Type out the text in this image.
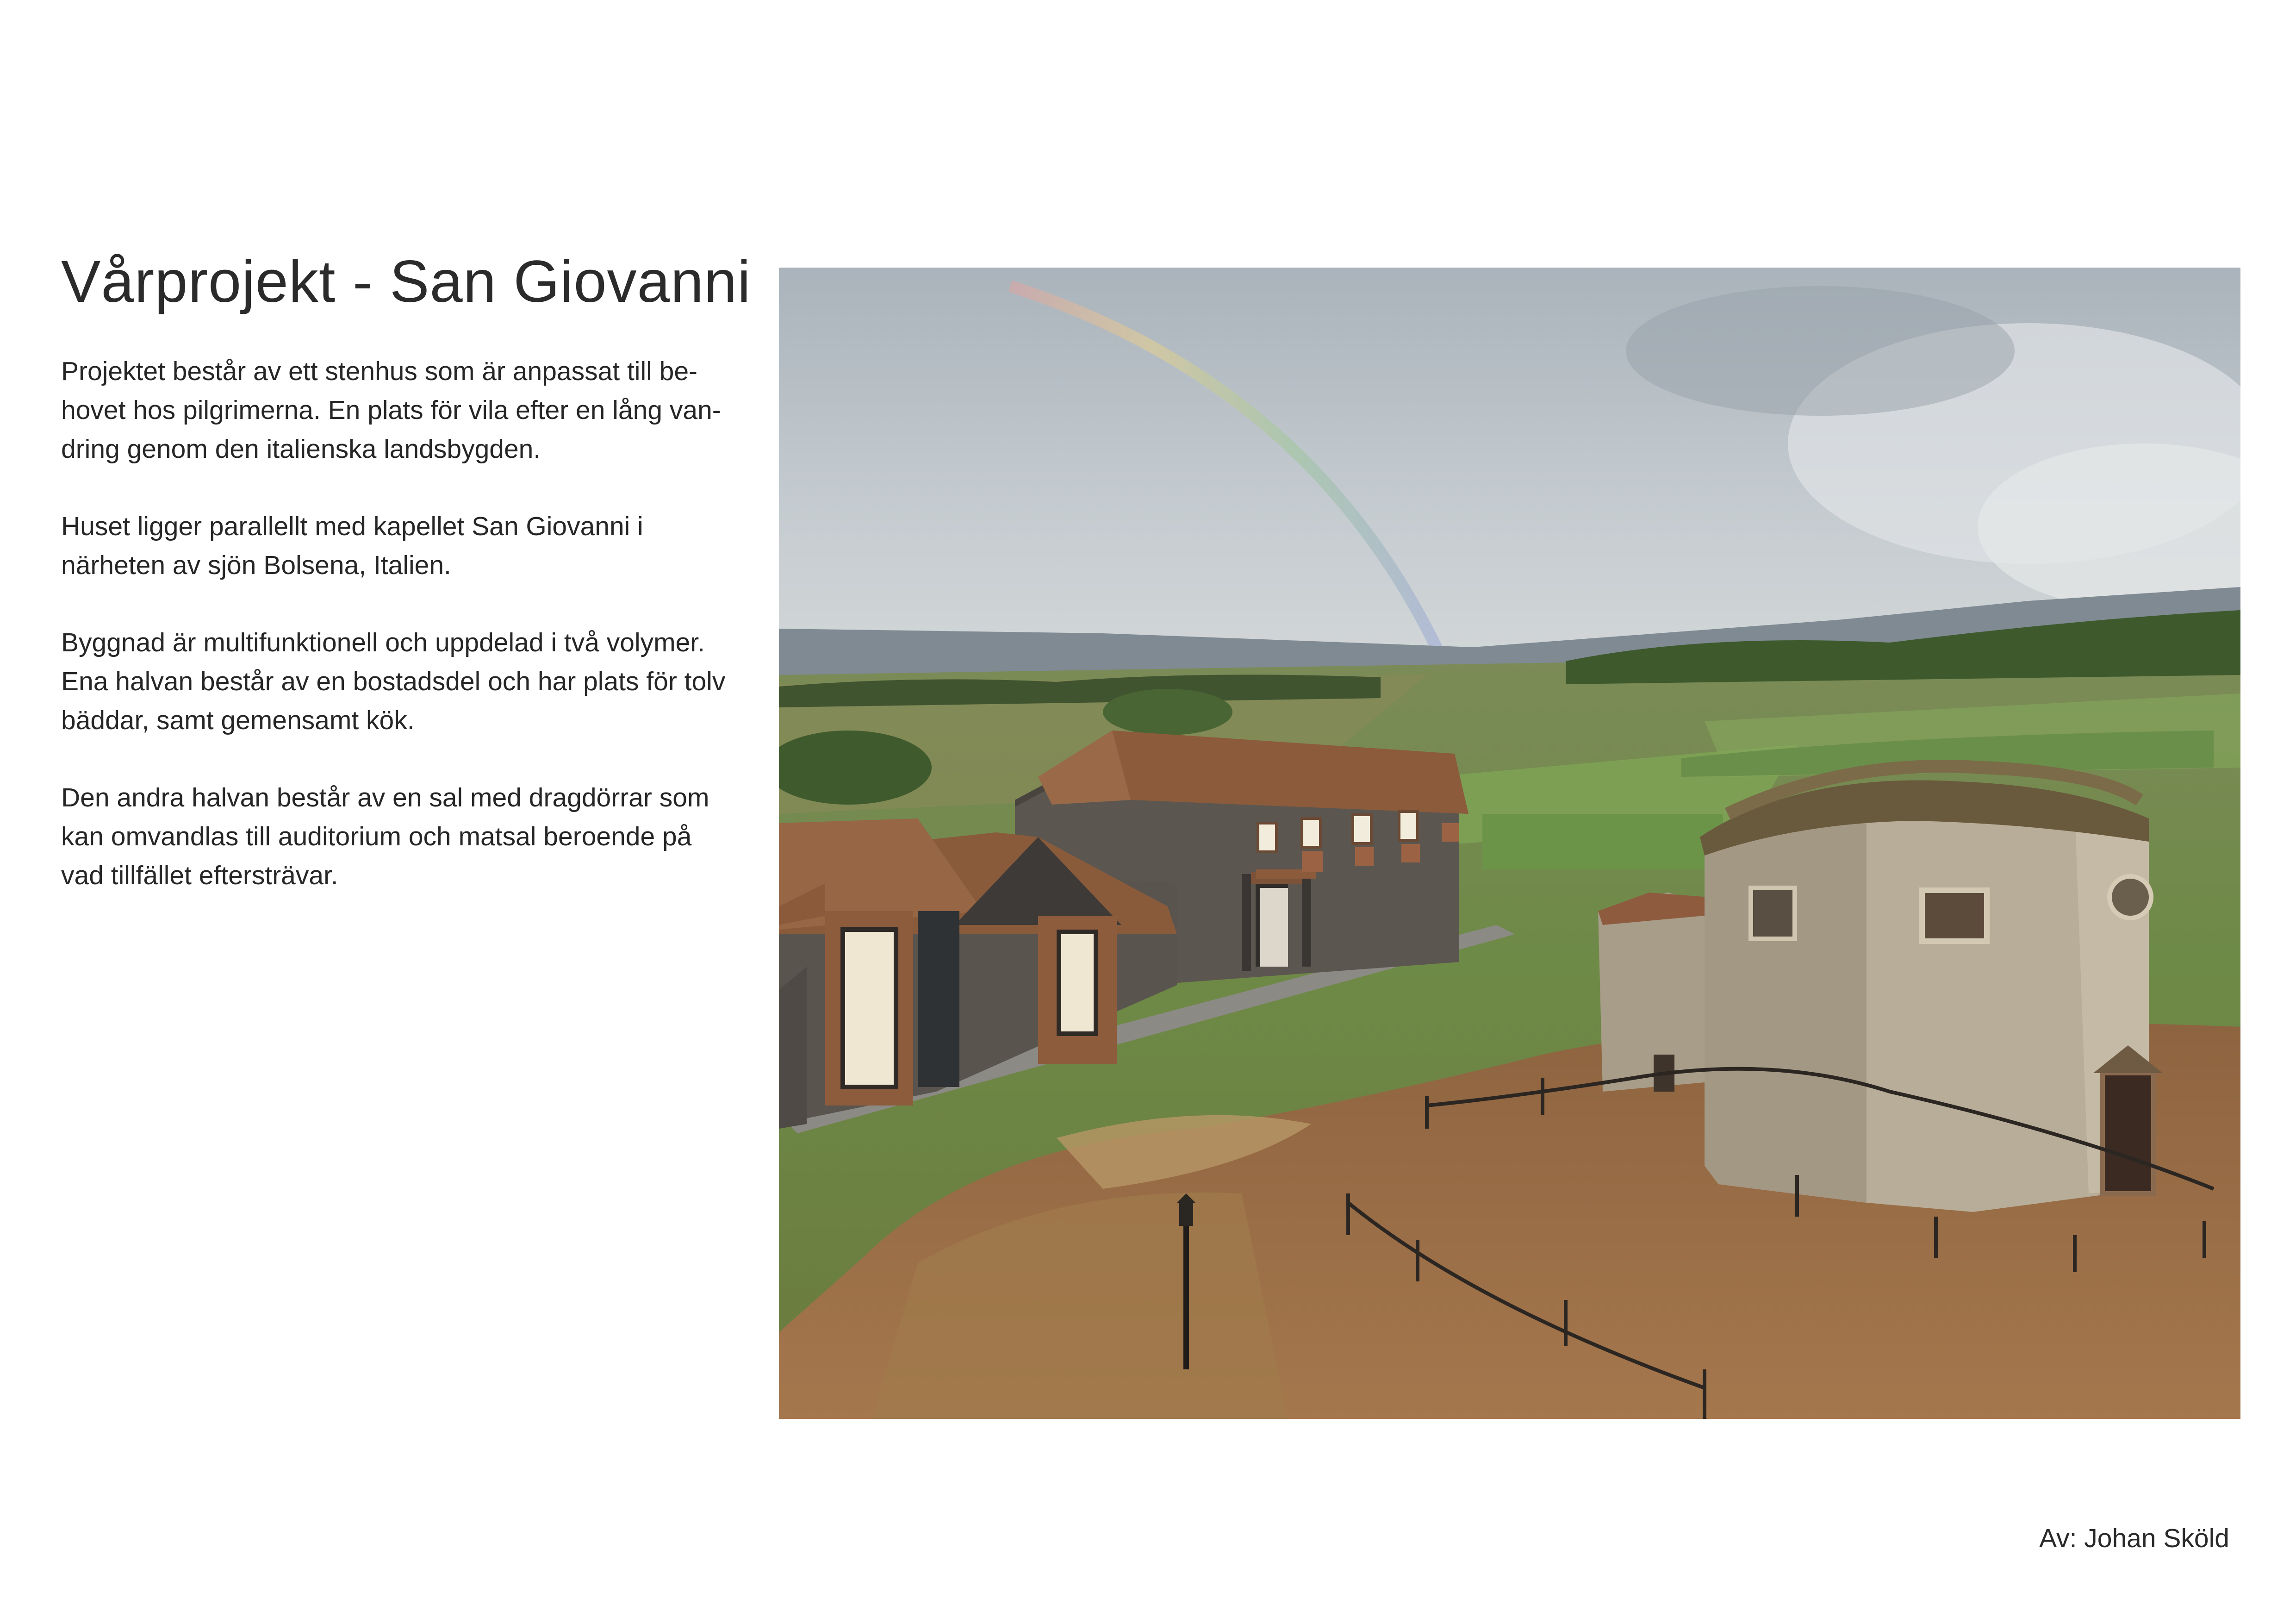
Vårprojekt - San Giovanni

Projektet består av ett stenhus som är anpassat till be-
hovet hos pilgrimerna. En plats för vila efter en lång van-
dring genom den italienska landsbygden.

Huset ligger parallellt med kapellet San Giovanni i
närheten av sjön Bolsena, Italien.

Byggnad är multifunktionell och uppdelad i två volymer.
Ena halvan består av en bostadsdel och har plats för tolv
bäddar, samt gemensamt kök.

Den andra halvan består av en sal med dragdörrar som
kan omvandlas till auditorium och matsal beroende på
vad tillfället eftersträvar.

Av: Johan Sköld
